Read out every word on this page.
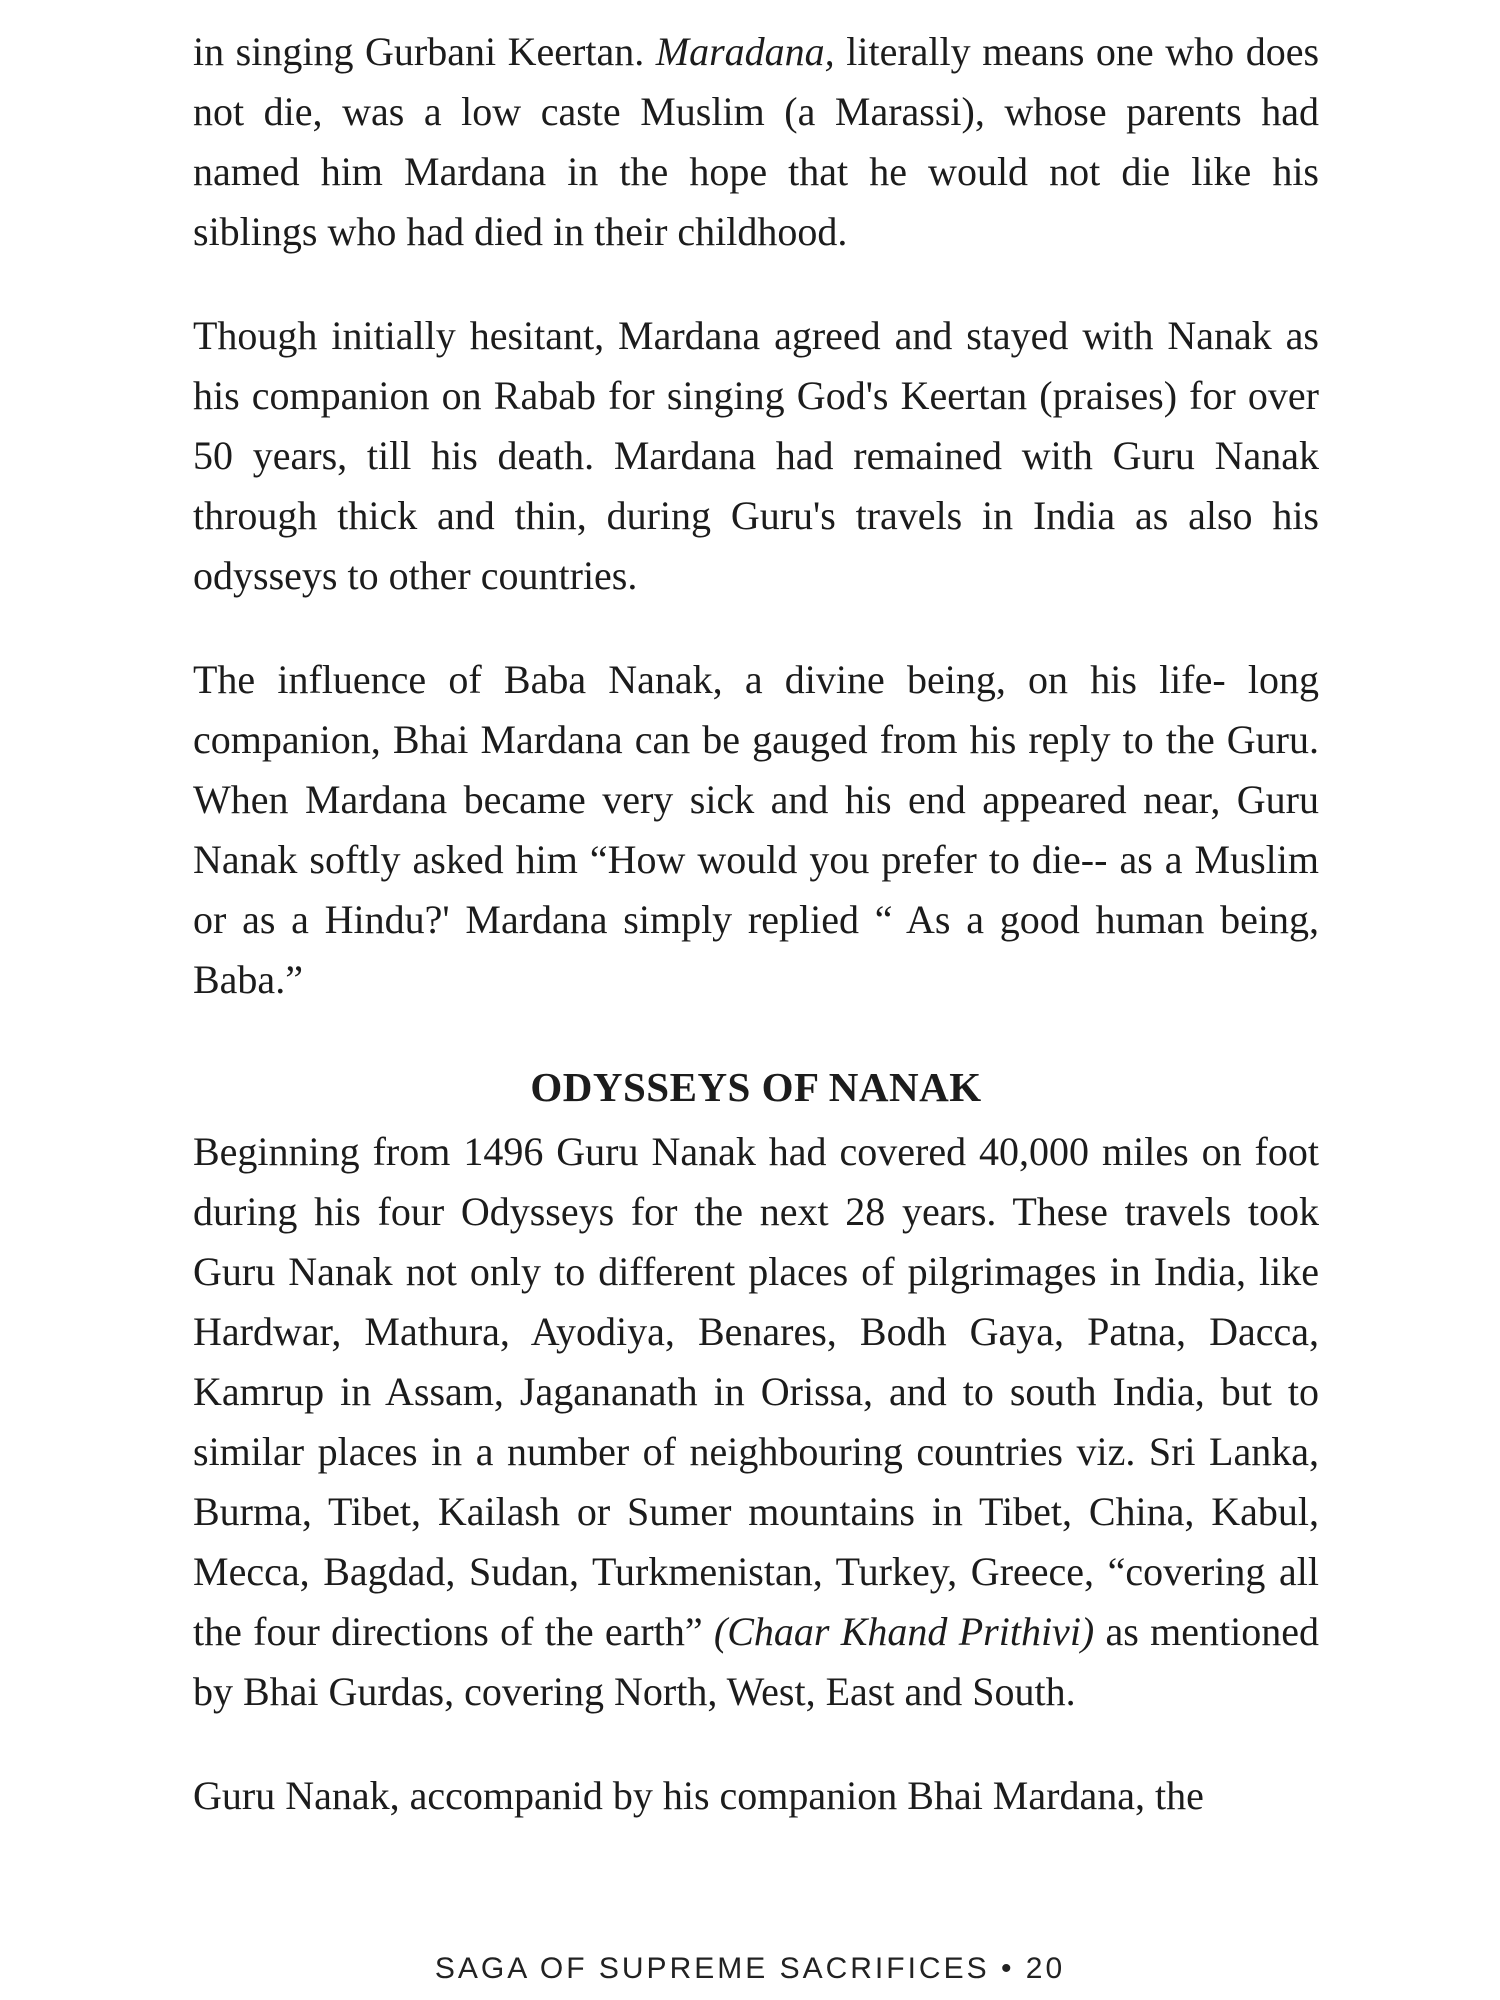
in singing Gurbani Keertan. Maradana, literally means one who does not die, was a low caste Muslim (a Marassi), whose parents had named him Mardana in the hope that he would not die like his siblings who had died in their childhood.

Though initially hesitant, Mardana agreed and stayed with Nanak as his companion on Rabab for singing God's Keertan (praises) for over 50 years, till his death. Mardana had remained with Guru Nanak through thick and thin, during Guru's travels in India as also his odysseys to other countries.

The influence of Baba Nanak, a divine being, on his life- long companion, Bhai Mardana can be gauged from his reply to the Guru. When Mardana became very sick and his end appeared near, Guru Nanak softly asked him “How would you prefer to die-- as a Muslim or as a Hindu?' Mardana simply replied “ As a good human being, Baba.”

ODYSSEYS OF NANAK

Beginning from 1496 Guru Nanak had covered 40,000 miles on foot during his four Odysseys for the next 28 years. These travels took Guru Nanak not only to different places of pilgrimages in India, like Hardwar, Mathura, Ayodiya, Benares, Bodh Gaya, Patna, Dacca, Kamrup in Assam, Jagananath in Orissa, and to south India, but to similar places in a number of neighbouring countries viz. Sri Lanka, Burma, Tibet, Kailash or Sumer mountains in Tibet, China, Kabul, Mecca, Bagdad, Sudan, Turkmenistan, Turkey, Greece, “covering all the four directions of the earth” (Chaar Khand Prithivi) as mentioned by Bhai Gurdas, covering North, West, East and South.

Guru Nanak, accompanid by his companion Bhai Mardana, the

SAGA OF SUPREME SACRIFICES • 20
